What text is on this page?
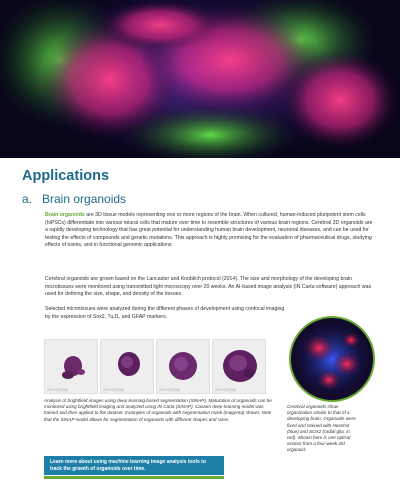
Applications
a. Brain organoids

Brain organoids are 3D tissue models representing one or more regions of the brain. When cultured, human-induced pluripotent stem cells (hiPSCs) differentiate into various neural cells that mature over time to resemble structures of various brain regions. Cerebral 3D organoids are a rapidly developing technology that has great potential for understanding human brain development, neuronal diseases, and can be used for testing the effects of compounds and genetic mutations. This approach is highly promising for the evaluation of pharmaceutical drugs, studying effects of toxins, and in functional genomic applications.

Cerebral organoids are grown based on the Lancaster and Knoblich protocol (2014). The size and morphology of the developing brain microtissues were monitored using transmitted light microscopy over 20 weeks. An AI-based image analysis (IN Carta software) approach was used for defining the size, shape, and density of the tissues.

Selected microtissues were analyzed during the different phases of development using confocal imaging by the expression of Sox2, TuJ1, and GFAP markers.

00:00:00 (Day)	00:00:00 (Day)	00:00:00 (Day)	00:00:00 (Day)

Analysis of brightfield images using deep learning-based segmentation (SINAP). Maturation of organoids can be monitored using brightfield imaging and analyzed using IN Carta (SINAP). Custom deep-learning model was trained and then applied to the dataset. Examples of organoids with segmentation mask (magenta) shown. Note that the SINAP model allows for segmentation of organoids with different shapes and sizes.

Cerebral organoids show organization similar to that of a developing brain. Organoids were fixed and stained with Hoechst (blue) and SOX2 (radial glia, in red). Shown here is one optical section from a four-week old organoid.

Learn more about using machine learning image analysis tools to track the growth of organoids over time.
